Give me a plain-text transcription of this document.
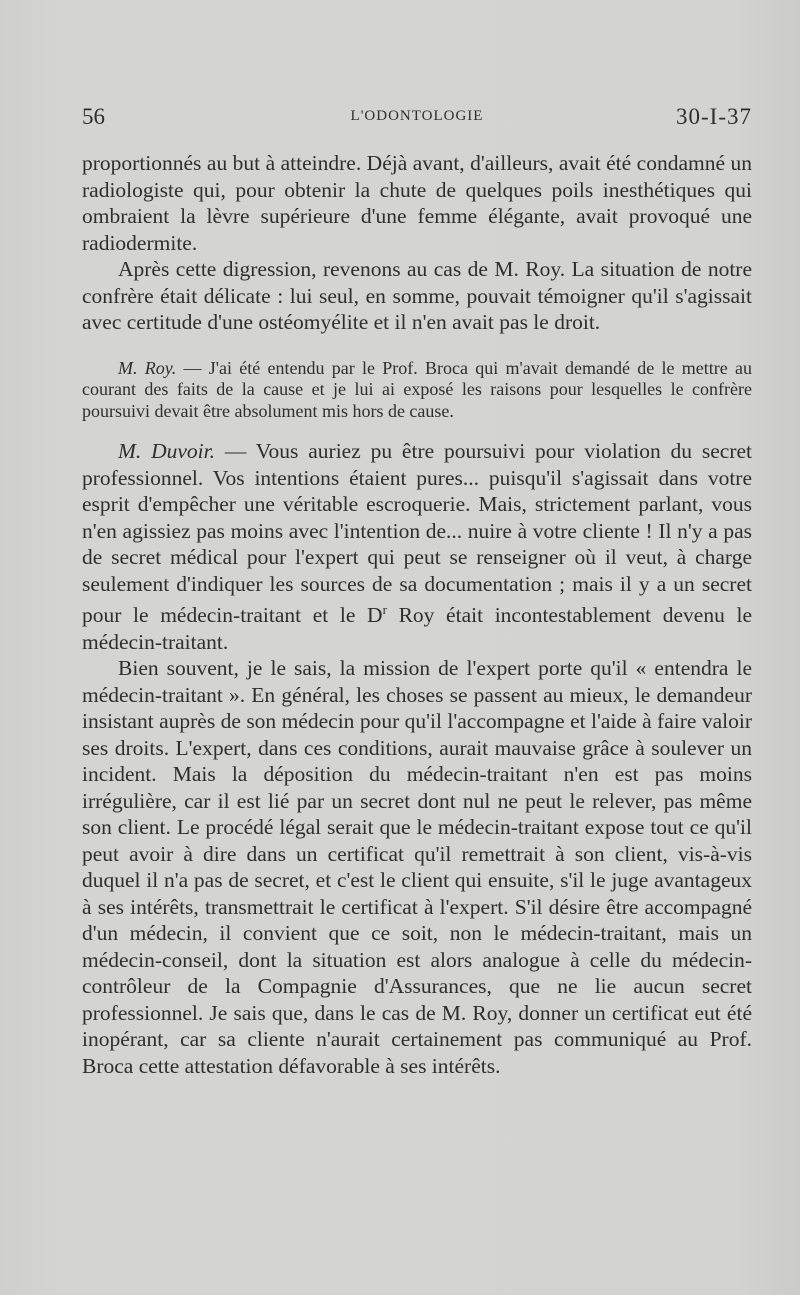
56	L'ODONTOLOGIE	30-I-37

proportionnés au but à atteindre. Déjà avant, d'ailleurs, avait été condamné un radiologiste qui, pour obtenir la chute de quelques poils inesthétiques qui ombraient la lèvre supérieure d'une femme élégante, avait provoqué une radiodermite.

Après cette digression, revenons au cas de M. Roy. La situation de notre confrère était délicate : lui seul, en somme, pouvait témoigner qu'il s'agissait avec certitude d'une ostéomyélite et il n'en avait pas le droit.

M. Roy. — J'ai été entendu par le Prof. Broca qui m'avait demandé de le mettre au courant des faits de la cause et je lui ai exposé les raisons pour lesquelles le confrère poursuivi devait être absolument mis hors de cause.

M. Duvoir. — Vous auriez pu être poursuivi pour violation du secret professionnel. Vos intentions étaient pures... puisqu'il s'agissait dans votre esprit d'empêcher une véritable escroquerie. Mais, strictement parlant, vous n'en agissiez pas moins avec l'intention de... nuire à votre cliente ! Il n'y a pas de secret médical pour l'expert qui peut se renseigner où il veut, à charge seulement d'indiquer les sources de sa documentation ; mais il y a un secret pour le médecin-traitant et le $D^r$ Roy était incontestablement devenu le médecin-traitant.

Bien souvent, je le sais, la mission de l'expert porte qu'il « entendra le médecin-traitant ». En général, les choses se passent au mieux, le demandeur insistant auprès de son médecin pour qu'il l'accompagne et l'aide à faire valoir ses droits. L'expert, dans ces conditions, aurait mauvaise grâce à soulever un incident. Mais la déposition du médecin-traitant n'en est pas moins irrégulière, car il est lié par un secret dont nul ne peut le relever, pas même son client. Le procédé légal serait que le médecin-traitant expose tout ce qu'il peut avoir à dire dans un certificat qu'il remettrait à son client, vis-à-vis duquel il n'a pas de secret, et c'est le client qui ensuite, s'il le juge avantageux à ses intérêts, transmettrait le certificat à l'expert. S'il désire être accompagné d'un médecin, il convient que ce soit, non le médecin-traitant, mais un médecin-conseil, dont la situation est alors analogue à celle du médecin-contrôleur de la Compagnie d'Assurances, que ne lie aucun secret professionnel. Je sais que, dans le cas de M. Roy, donner un certificat eut été inopérant, car sa cliente n'aurait certainement pas communiqué au Prof. Broca cette attestation défavorable à ses intérêts.
